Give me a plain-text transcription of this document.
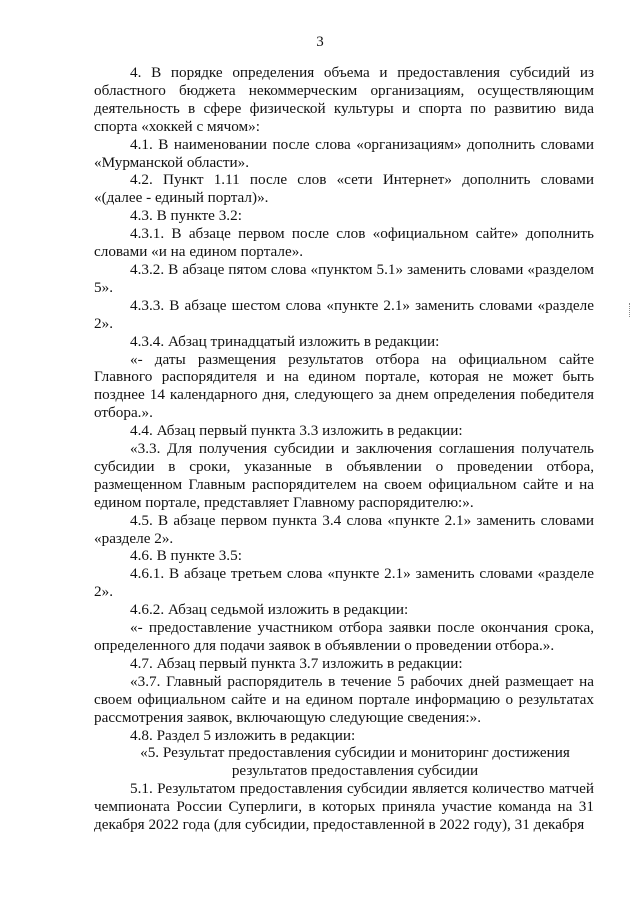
3

4. В порядке определения объема и предоставления субсидий из областного бюджета некоммерческим организациям, осуществляющим деятельность в сфере физической культуры и спорта по развитию вида спорта «хоккей с мячом»:

4.1. В наименовании после слова «организациям» дополнить словами «Мурманской области».

4.2. Пункт 1.11 после слов «сети Интернет» дополнить словами «(далее - единый портал)».

4.3. В пункте 3.2:

4.3.1. В абзаце первом после слов «официальном сайте» дополнить словами «и на едином портале».

4.3.2. В абзаце пятом слова «пунктом 5.1» заменить словами «разделом 5».

4.3.3. В абзаце шестом слова «пункте 2.1» заменить словами «разделе 2».

4.3.4. Абзац тринадцатый изложить в редакции:

«- даты размещения результатов отбора на официальном сайте Главного распорядителя и на едином портале, которая не может быть позднее 14 календарного дня, следующего за днем определения победителя отбора.».

4.4. Абзац первый пункта 3.3 изложить в редакции:

«3.3. Для получения субсидии и заключения соглашения получатель субсидии в сроки, указанные в объявлении о проведении отбора, размещенном Главным распорядителем на своем официальном сайте и на едином портале, представляет Главному распорядителю:».

4.5. В абзаце первом пункта 3.4 слова «пункте 2.1» заменить словами «разделе 2».

4.6. В пункте 3.5:

4.6.1. В абзаце третьем слова «пункте 2.1» заменить словами «разделе 2».

4.6.2. Абзац седьмой изложить в редакции:

«- предоставление участником отбора заявки после окончания срока, определенного для подачи заявок в объявлении о проведении отбора.».

4.7. Абзац первый пункта 3.7 изложить в редакции:

«3.7. Главный распорядитель в течение 5 рабочих дней размещает на своем официальном сайте и на едином портале информацию о результатах рассмотрения заявок, включающую следующие сведения:».

4.8. Раздел 5 изложить в редакции:

«5. Результат предоставления субсидии и мониторинг достижения результатов предоставления субсидии

5.1. Результатом предоставления субсидии является количество матчей чемпионата России Суперлиги, в которых приняла участие команда на 31 декабря 2022 года (для субсидии, предоставленной в 2022 году), 31 декабря
